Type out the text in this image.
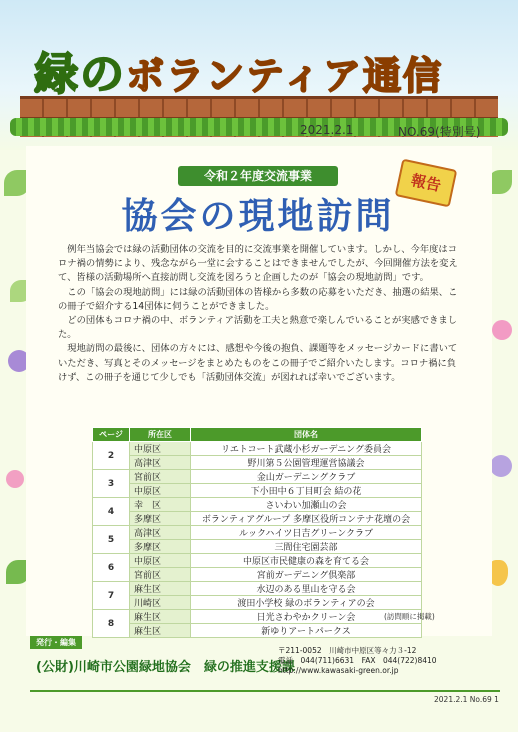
緑のボランティア通信
2021.2.1	NO.69(特別号)
令和２年度交流事業	報告
協会の現地訪問

例年当協会では緑の活動団体の交流を目的に交流事業を開催しています。しかし、今年度はコロナ禍の情勢により、残念ながら一堂に会することはできませんでしたが、今回開催方法を変えて、皆様の活動場所へ直接訪問し交流を図ろうと企画したのが「協会の現地訪問」です。

この「協会の現地訪問」には緑の活動団体の皆様から多数の応募をいただき、抽選の結果、この冊子で紹介する14団体に伺うことができました。

どの団体もコロナ禍の中、ボランティア活動を工夫と熱意で楽しんでいることが実感できました。

現地訪問の最後に、団体の方々には、感想や今後の抱負、課題等をメッセージカードに書いていただき、写真とそのメッセージをまとめたものをこの冊子でご紹介いたします。コロナ禍に負けず、この冊子を通じて少しでも「活動団体交流」が図れれば幸いでございます。

ページ	所在区	団体名
2	中原区	リエトコート武蔵小杉ガーデニング委員会
	高津区	野川第５公園管理運営協議会
3	宮前区	金山ガーデニングクラブ
	中原区	下小田中６丁目町会 結の花
4	幸　区	さいわい加瀬山の会
	多摩区	ボランティアグループ 多摩区役所コンテナ花壇の会
5	高津区	ルックハイツ日吉グリーンクラブ
	多摩区	三間住宅園芸部
6	中原区	中原区市民健康の森を育てる会
	宮前区	宮前ガーデニング倶楽部
7	麻生区	水辺のある里山を守る会
	川崎区	渡田小学校 緑のボランティアの会
8	麻生区	日光さわやかクリーン会
	麻生区	新ゆりアートパークス
(訪問順に掲載)
発行・編集
(公財)川崎市公園緑地協会　緑の推進支援課
〒211-0052　川崎市中原区等々力３-12
電話　044(711)6631　FAX　044(722)8410
http://www.kawasaki-green.or.jp
2021.2.1 No.69 1
